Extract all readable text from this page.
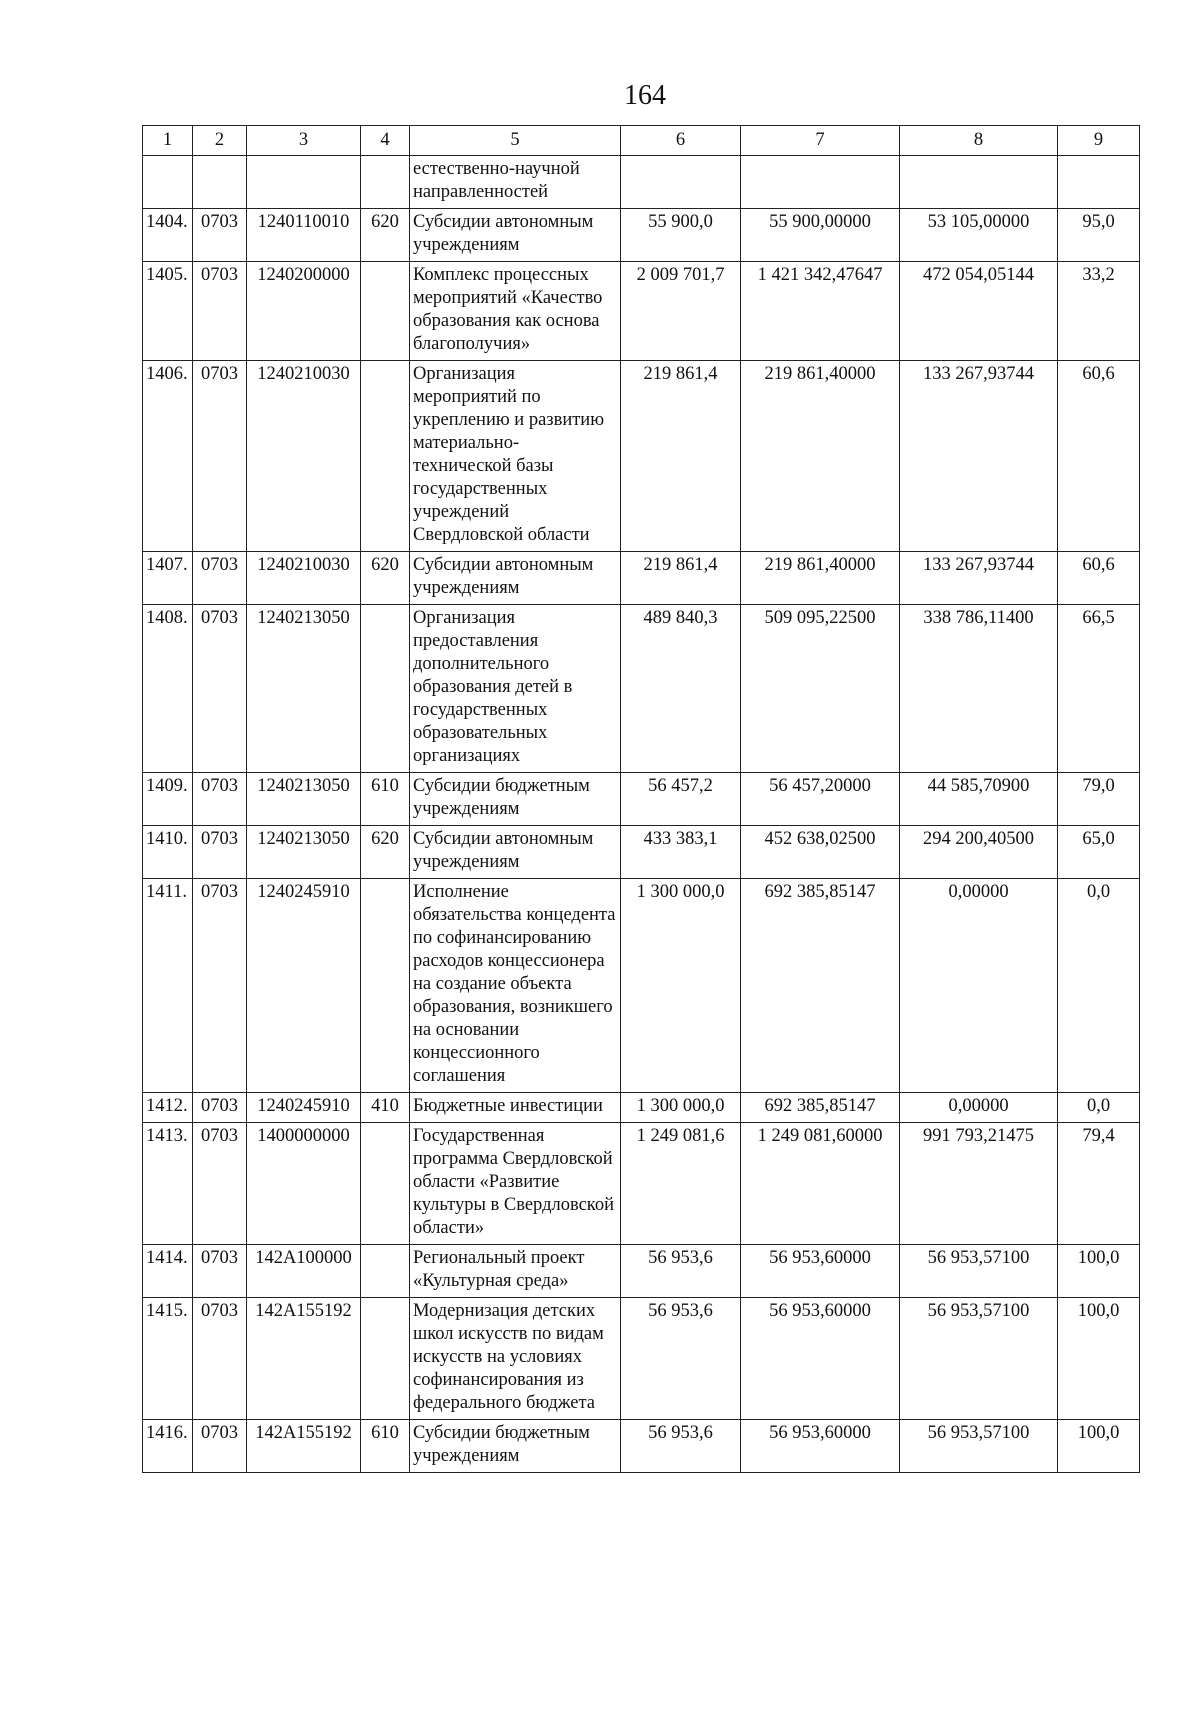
164
1	2	3	4	5	6	7	8	9
				естественно-научной направленностей				
1404.	0703	1240110010	620	Субсидии автономным учреждениям	55 900,0	55 900,00000	53 105,00000	95,0
1405.	0703	1240200000		Комплекс процессных мероприятий «Качество образования как основа благополучия»	2 009 701,7	1 421 342,47647	472 054,05144	33,2
1406.	0703	1240210030		Организация мероприятий по укреплению и развитию материально-технической базы государственных учреждений Свердловской области	219 861,4	219 861,40000	133 267,93744	60,6
1407.	0703	1240210030	620	Субсидии автономным учреждениям	219 861,4	219 861,40000	133 267,93744	60,6
1408.	0703	1240213050		Организация предоставления дополнительного образования детей в государственных образовательных организациях	489 840,3	509 095,22500	338 786,11400	66,5
1409.	0703	1240213050	610	Субсидии бюджетным учреждениям	56 457,2	56 457,20000	44 585,70900	79,0
1410.	0703	1240213050	620	Субсидии автономным учреждениям	433 383,1	452 638,02500	294 200,40500	65,0
1411.	0703	1240245910		Исполнение обязательства концедента по софинансированию расходов концессионера на создание объекта образования, возникшего на основании концессионного соглашения	1 300 000,0	692 385,85147	0,00000	0,0
1412.	0703	1240245910	410	Бюджетные инвестиции	1 300 000,0	692 385,85147	0,00000	0,0
1413.	0703	1400000000		Государственная программа Свердловской области «Развитие культуры в Свердловской области»	1 249 081,6	1 249 081,60000	991 793,21475	79,4
1414.	0703	142A100000		Региональный проект «Культурная среда»	56 953,6	56 953,60000	56 953,57100	100,0
1415.	0703	142A155192		Модернизация детских школ искусств по видам искусств на условиях софинансирования из федерального бюджета	56 953,6	56 953,60000	56 953,57100	100,0
1416.	0703	142A155192	610	Субсидии бюджетным учреждениям	56 953,6	56 953,60000	56 953,57100	100,0
